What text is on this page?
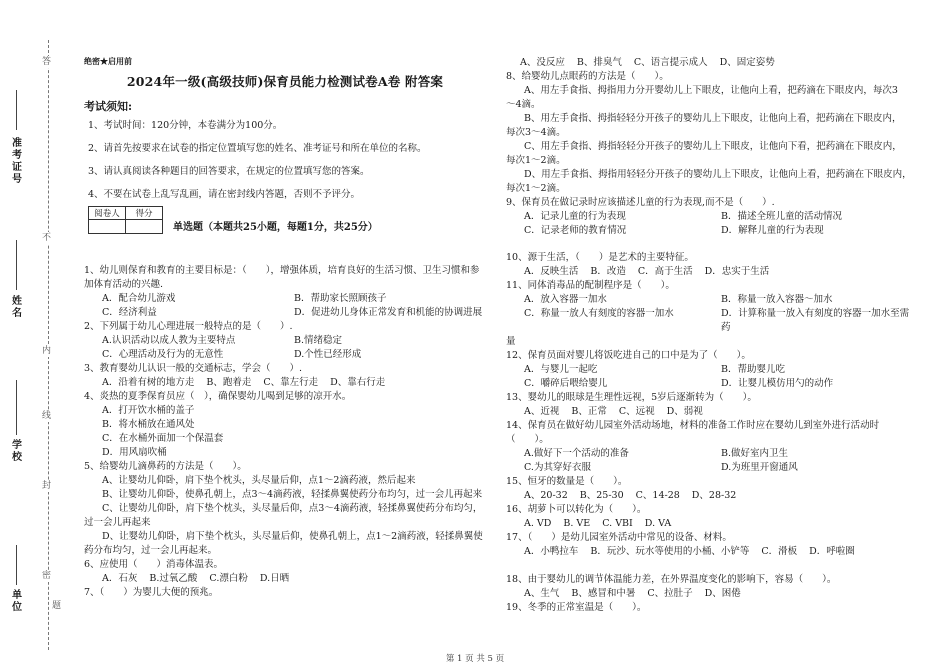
答
不
内
线
封
密
题
准考证号
姓名
学校
单位
绝密★启用前
2024年一级(高级技师)保育员能力检测试卷A卷 附答案
考试须知:
1、考试时间：120分钟，本卷满分为100分。
2、请首先按要求在试卷的指定位置填写您的姓名、准考证号和所在单位的名称。
3、请认真阅读各种题目的回答要求，在规定的位置填写您的答案。
4、不要在试卷上乱写乱画，请在密封线内答题，否则不予评分。
阅卷人	得分

单选题（本题共25小题，每题1分，共25分）
1、幼儿则保育和教育的主要目标是：（　　），增强体质，培育良好的生活习惯、卫生习惯和参加体育活动的兴趣.
A．配合幼儿游戏	B．帮助家长照顾孩子
C．经济利益	D．促进幼儿身体正常发育和机能的协调进展
2、下列属于幼儿心理进展一般特点的是（　　）.
A.认识活动以成人教为主要特点	B.情绪稳定
C．心理活动及行为的无意性	D.个性已经形成
3、教育婴幼儿认识一般的交通标志，学会（　　）.
A．沿着有树的地方走 B、跑着走 C、靠左行走 D、靠右行走
4、炎热的夏季保育员应（　），确保婴幼儿喝到足够的凉开水。
A．打开饮水桶的盖子
B．将水桶放在通风处
C．在水桶外面加一个保温套
D．用风扇吹桶
5、给婴幼儿滴鼻药的方法是（　　）。
A、让婴幼儿仰卧，肩下垫个枕头，头尽量后仰，点1～2滴药液，然后起来
B、让婴幼儿仰卧，使鼻孔朝上，点3～4滴药液，轻揉鼻翼使药分布均匀，过一会儿再起来
C、让婴幼儿仰卧，肩下垫个枕头，头尽量后仰，点3～4滴药液，轻揉鼻翼使药分布均匀，
过一会儿再起来
D、让婴幼儿仰卧，肩下垫个枕头，头尽量后仰，使鼻孔朝上，点1～2滴药液，轻揉鼻翼使
药分布均匀，过一会儿再起来。
6、应使用（　　）消毒体温表。
A．石灰 B.过氧乙酸 C.漂白粉 D.日晒
7、（　　）为婴儿大便的预兆。
A、没反应 B、排臭气 C、语言提示成人 D、固定姿势
8、给婴幼儿点眼药的方法是（　　）。
A、用左手食指、拇指用力分开婴幼儿上下眼皮，让他向上看，把药滴在下眼皮内，每次3
～4滴。
B、用左手食指、拇指轻轻分开孩子的婴幼儿上下眼皮，让他向上看，把药滴在下眼皮内，
每次3～4滴。
C、用左手食指、拇指轻轻分开孩子的婴幼儿上下眼皮，让他向下看，把药滴在下眼皮内，
每次1～2滴。
D、用左手食指、拇指用轻轻分开孩子的婴幼儿上下眼皮，让他向上看，把药滴在下眼皮内，
每次1～2滴。
9、保育员在做记录时应该描述儿童的行为表现,而不是（　　）.
A．记录儿童的行为表现	B．描述全班儿童的活动情况
C．记录老师的教育情况	D．解释儿童的行为表现
10、源于生活，（　　）是艺术的主要特征。
A．反映生活 B．改造 C．高于生活 D．忠实于生活
11、同体消毒品的配制程序是（　　）。
A．放入容器一加水	B．称量一放入容器～加水
C．称量一放人有刻度的容器一加水	D．计算称量一放入有刻度的容器一加水至需药
量
12、保育员面对婴儿将饭吃进自己的口中是为了（　　）。
A．与婴儿一起吃	B．帮助婴儿吃
C．嚼碎后喂给婴儿	D．让婴儿模仿用勺的动作
13、婴幼儿的眼球是生理性远视，5岁后逐渐转为（　　）。
A、近视 B、正常 C、远视 D、弱视
14、保育员在做好幼儿园室外活动场地，材料的准备工作时应在婴幼儿到室外进行活动时（　　）。
A.做好下一个活动的准备	B.做好室内卫生
C.为其穿好衣服	D.为班里开窗通风
15、恒牙的数量是（　　）。
A、20-32 B、25-30 C、14-28 D、28-32
16、胡萝卜可以转化为（　　）。
A. VD B. VE C. VBI D. VA
17、（　　）是幼儿园室外活动中常见的设备、材料。
A．小鸭拉车 B．玩沙、玩水等使用的小桶、小铲等 C．滑板 D．呼啦圈
18、由于婴幼儿的调节体温能力差，在外界温度变化的影响下，容易（　　）。
A、生气 B、感冒和中暑 C、拉肚子 D、困倦
19、冬季的正常室温是（　　）。
第 1 页 共 5 页
